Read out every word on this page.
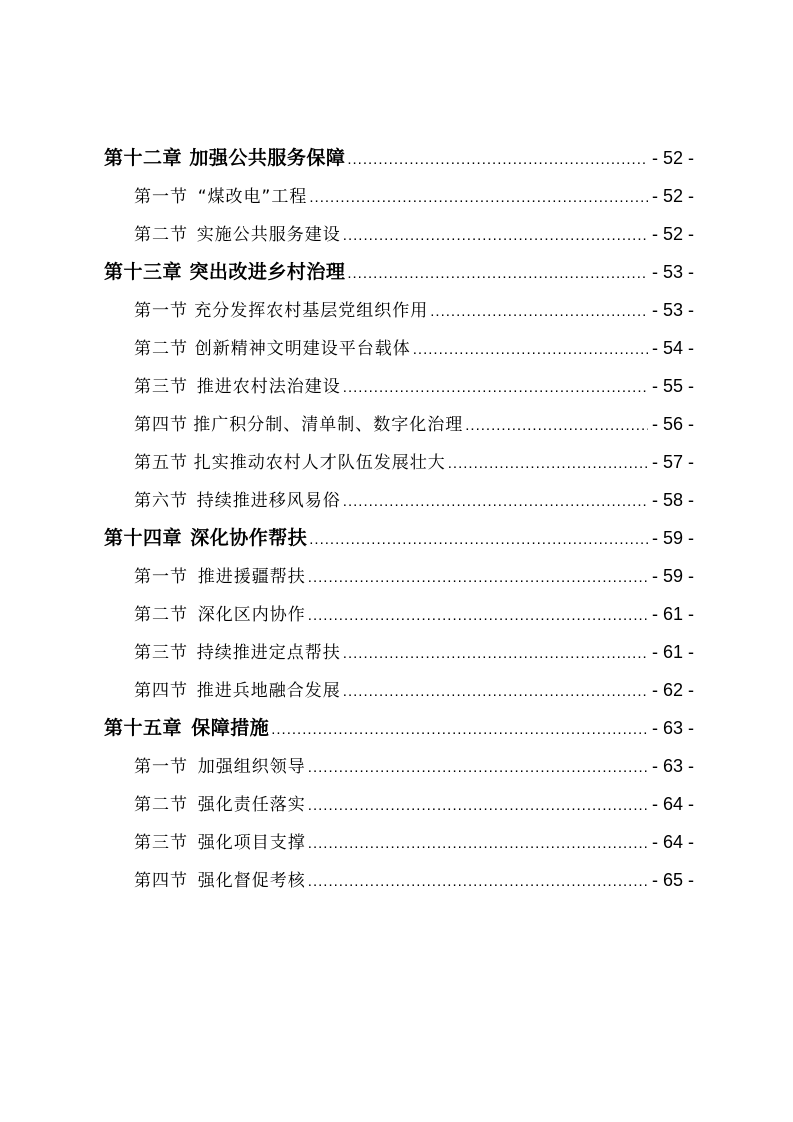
第十二章 加强公共服务保障 .....	- 52 -
第一节 “煤改电”工程 .....	- 52 -
第二节 实施公共服务建设 .....	- 52 -
第十三章 突出改进乡村治理 .....	- 53 -
第一节 充分发挥农村基层党组织作用 .....	- 53 -
第二节 创新精神文明建设平台载体 .....	- 54 -
第三节 推进农村法治建设 .....	- 55 -
第四节 推广积分制、清单制、数字化治理 .....	- 56 -
第五节 扎实推动农村人才队伍发展壮大 .....	- 57 -
第六节 持续推进移风易俗 .....	- 58 -
第十四章 深化协作帮扶 .....	- 59 -
第一节 推进援疆帮扶 .....	- 59 -
第二节 深化区内协作 .....	- 61 -
第三节 持续推进定点帮扶 .....	- 61 -
第四节 推进兵地融合发展 .....	- 62 -
第十五章 保障措施 .....	- 63 -
第一节 加强组织领导 .....	- 63 -
第二节 强化责任落实 .....	- 64 -
第三节 强化项目支撑 .....	- 64 -
第四节 强化督促考核 .....	- 65 -
